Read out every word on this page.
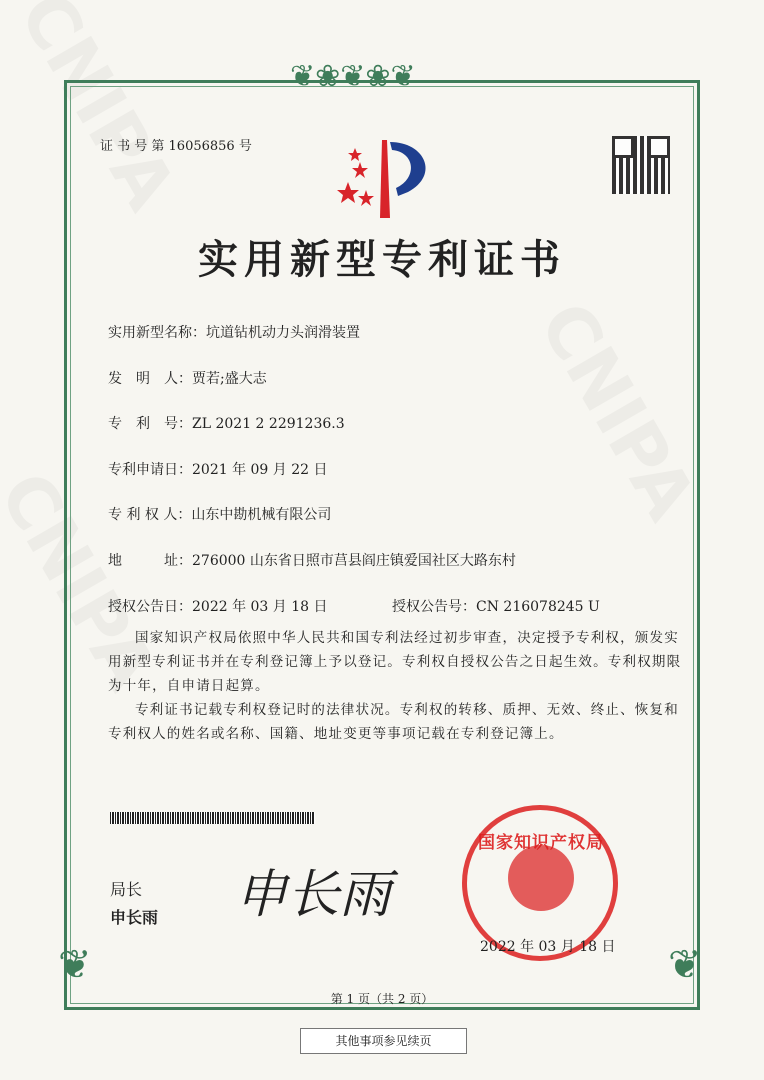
❦❀❦❀❦
❦	❦
证 书 号 第 16056856 号
实用新型专利证书
实用新型名称：坑道钻机动力头润滑装置
发　明　人：贾若;盛大志
专　利　号：ZL 2021 2 2291236.3
专利申请日：2021 年 09 月 22 日
专 利 权 人：山东中勘机械有限公司
地　　　址：276000 山东省日照市莒县阎庄镇爱国社区大路东村
授权公告日：2022 年 03 月 18 日	授权公告号：CN 216078245 U
国家知识产权局依照中华人民共和国专利法经过初步审查，决定授予专利权，颁发实用新型专利证书并在专利登记簿上予以登记。专利权自授权公告之日起生效。专利权期限为十年，自申请日起算。
专利证书记载专利权登记时的法律状况。专利权的转移、质押、无效、终止、恢复和专利权人的姓名或名称、国籍、地址变更等事项记载在专利登记簿上。
局长
申长雨 申长雨
国家知识产权局
2022 年 03 月 18 日
第 1 页（共 2 页）
其他事项参见续页
